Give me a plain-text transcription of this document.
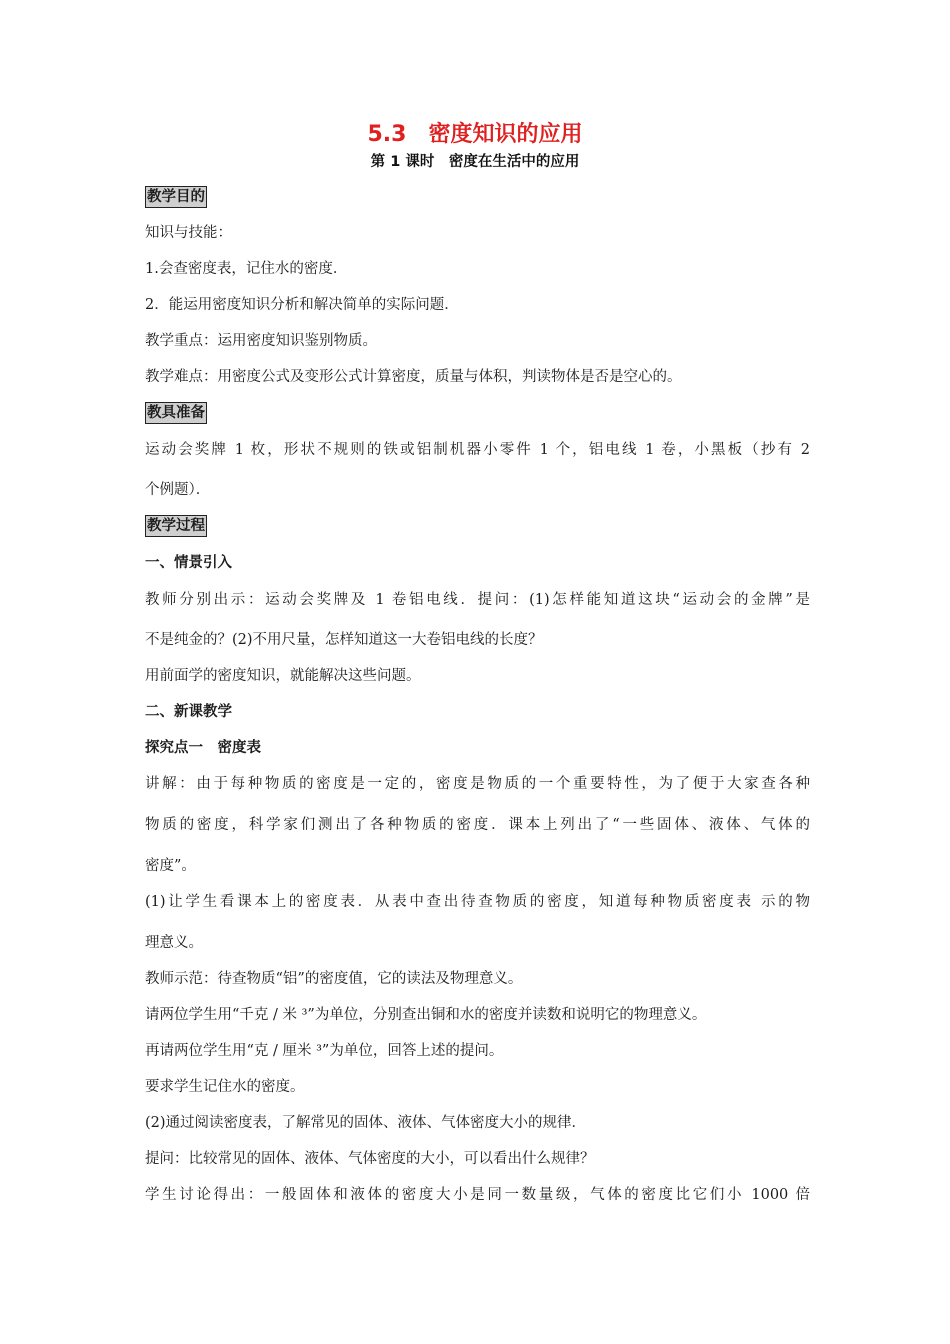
5.3　密度知识的应用
第 1 课时　密度在生活中的应用
教学目的
知识与技能：
1.会查密度表，记住水的密度．
2．能运用密度知识分析和解决简单的实际问题．
教学重点：运用密度知识鉴别物质。
教学难点：用密度公式及变形公式计算密度，质量与体积，判读物体是否是空心的。
教具准备
运动会奖牌 1 枚，形状不规则的铁或铝制机器小零件 1 个，铝电线 1 卷，小黑板（抄有 2
个例题）．
教学过程
一、情景引入
教师分别出示：运动会奖牌及 1 卷铝电线．提问：(1)怎样能知道这块“运动会的金牌”是
不是纯金的？(2)不用尺量，怎样知道这一大卷铝电线的长度？
用前面学的密度知识，就能解决这些问题。
二、新课教学
探究点一　密度表
讲解：由于每种物质的密度是一定的，密度是物质的一个重要特性，为了便于大家查各种
物质的密度，科学家们测出了各种物质的密度．课本上列出了“一些固体、液体、气体的
密度”。
(1)让学生看课本上的密度表．从表中查出待查物质的密度，知道每种物质密度表 示的物
理意义。
教师示范：待查物质“铝”的密度值，它的读法及物理意义。
请两位学生用“千克 / 米 ³”为单位，分别查出铜和水的密度并读数和说明它的物理意义。
再请两位学生用“克 / 厘米 ³”为单位，回答上述的提问。
要求学生记住水的密度。
(2)通过阅读密度表，了解常见的固体、液体、气体密度大小的规律．
提问：比较常见的固体、液体、气体密度的大小，可以看出什么规律？
学生讨论得出：一般固体和液体的密度大小是同一数量级，气体的密度比它们小 1000 倍
